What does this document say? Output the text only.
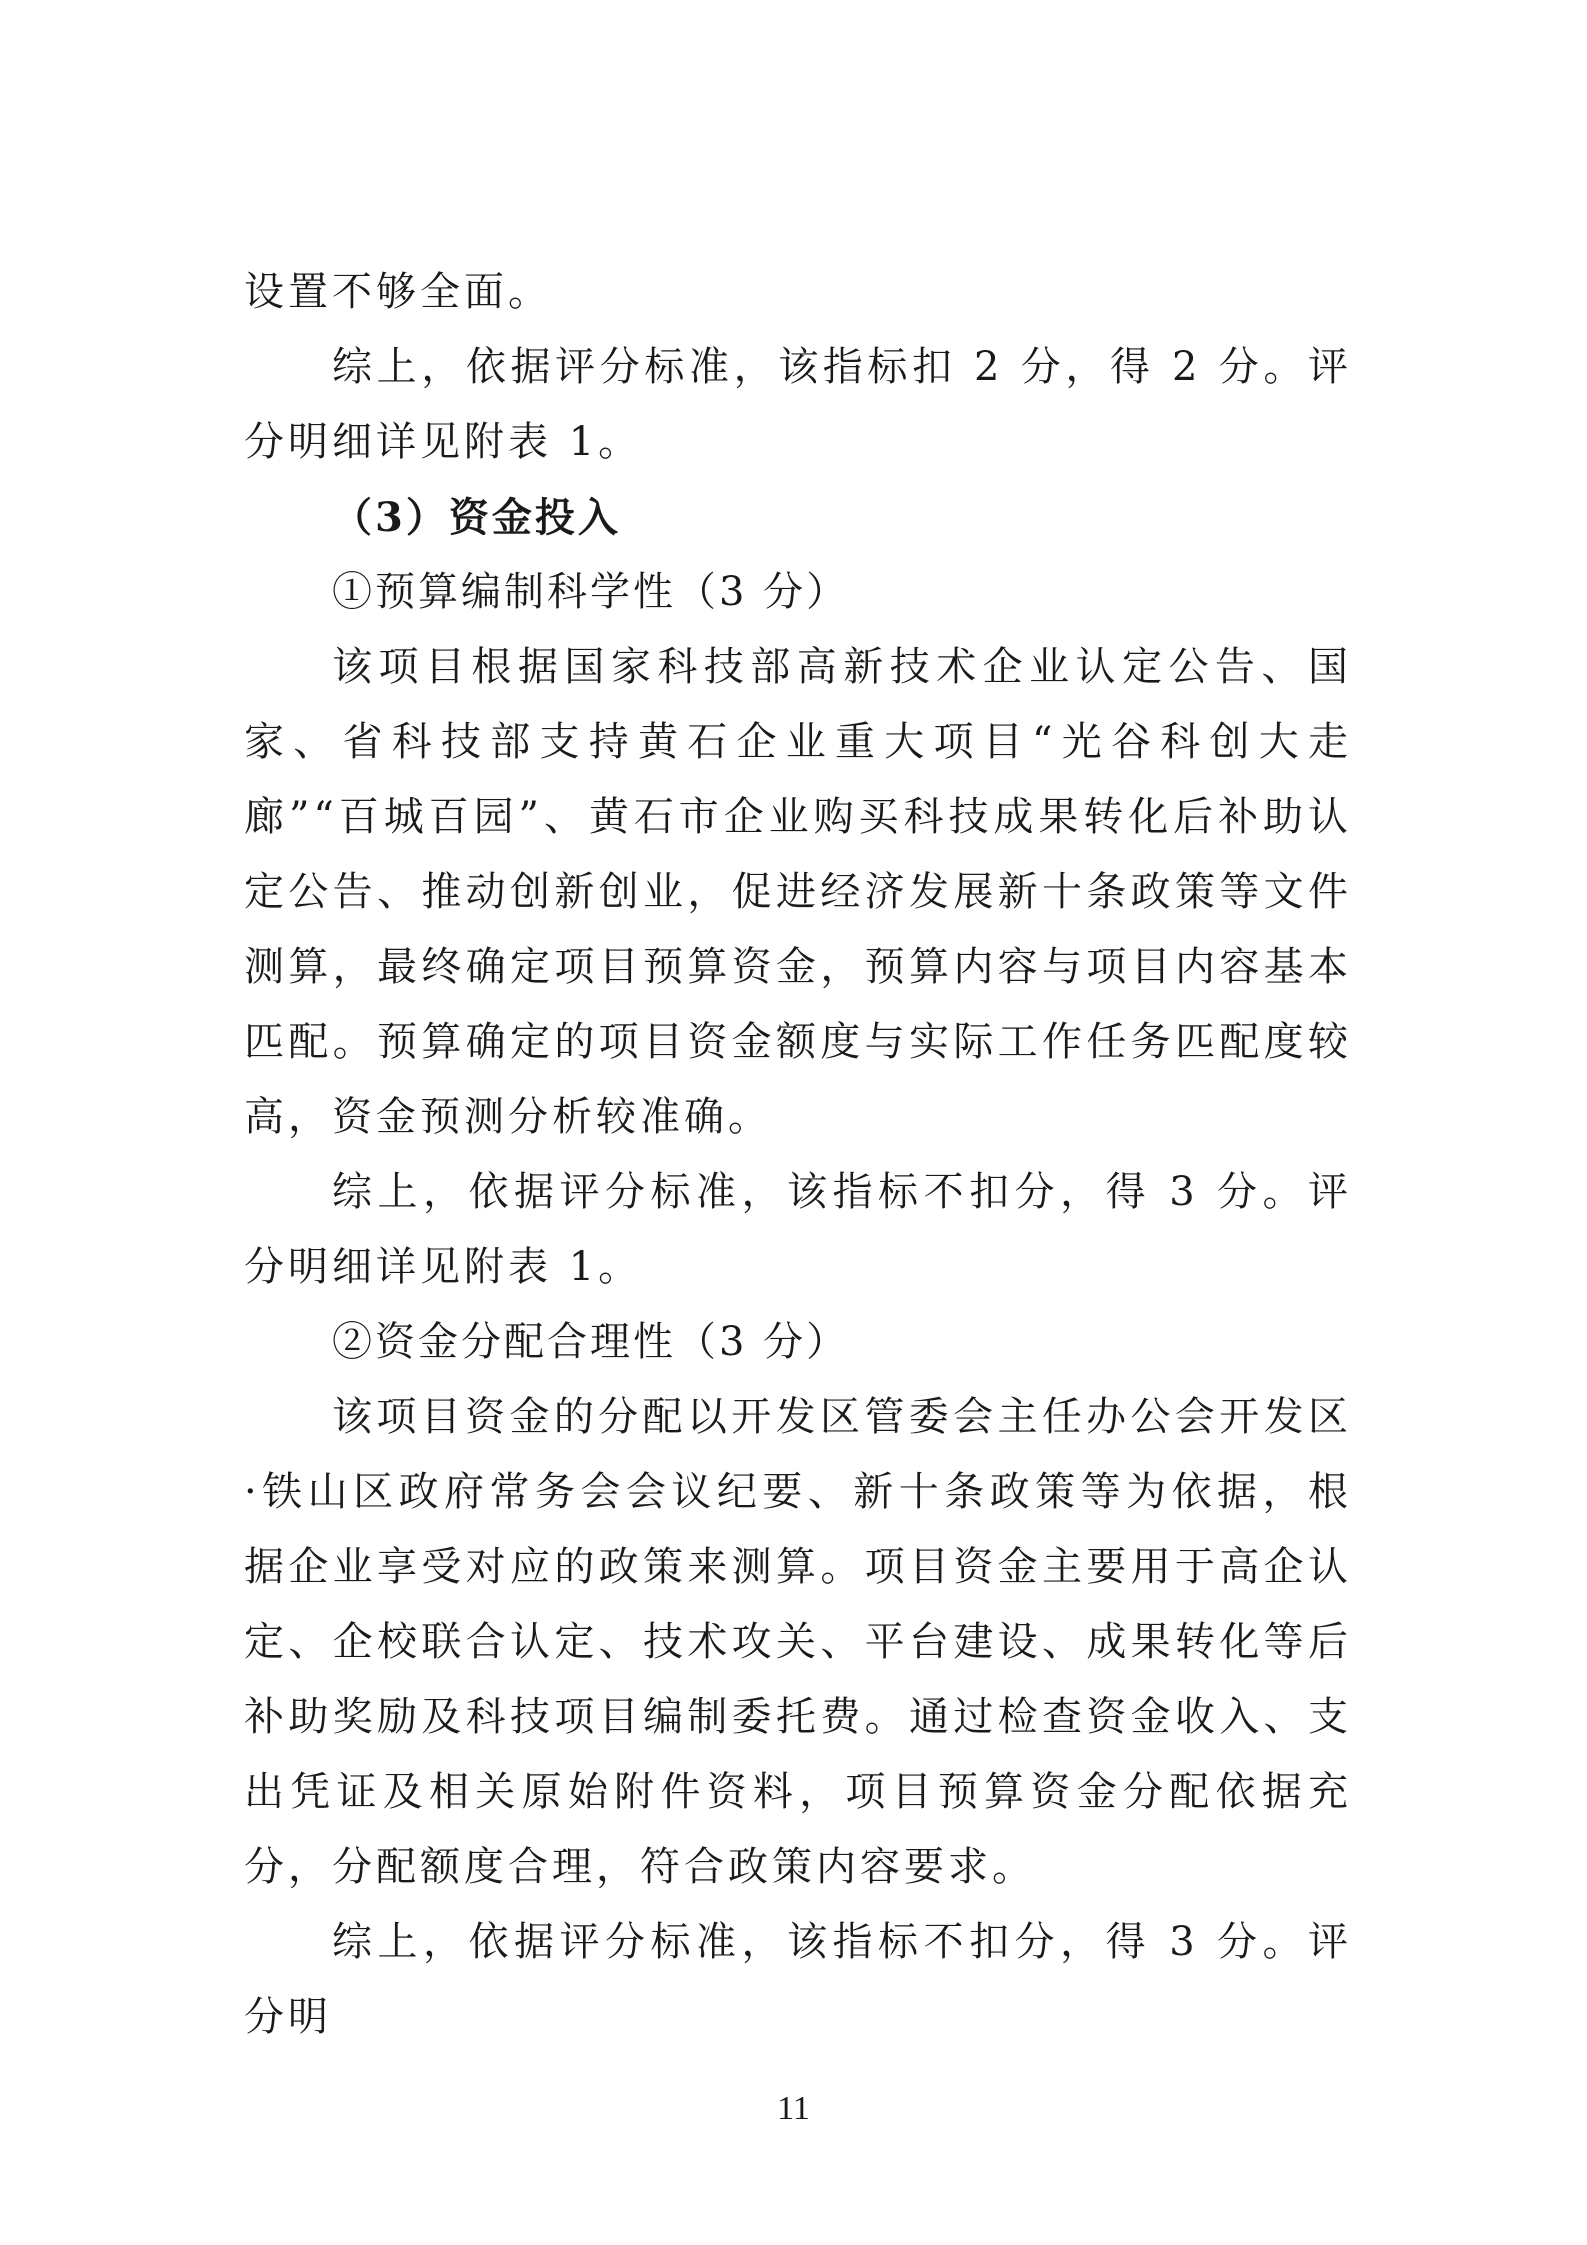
设置不够全面。

综上，依据评分标准，该指标扣 2 分，得 2 分。评分明细详见附表 1。

（3）资金投入

①预算编制科学性（3 分）

该项目根据国家科技部高新技术企业认定公告、国家、省科技部支持黄石企业重大项目“光谷科创大走廊”“百城百园”、黄石市企业购买科技成果转化后补助认定公告、推动创新创业，促进经济发展新十条政策等文件测算，最终确定项目预算资金，预算内容与项目内容基本匹配。预算确定的项目资金额度与实际工作任务匹配度较高，资金预测分析较准确。

综上，依据评分标准，该指标不扣分，得 3 分。评分明细详见附表 1。

②资金分配合理性（3 分）

该项目资金的分配以开发区管委会主任办公会开发区·铁山区政府常务会会议纪要、新十条政策等为依据，根据企业享受对应的政策来测算。项目资金主要用于高企认定、企校联合认定、技术攻关、平台建设、成果转化等后补助奖励及科技项目编制委托费。通过检查资金收入、支出凭证及相关原始附件资料，项目预算资金分配依据充分，分配额度合理，符合政策内容要求。

综上，依据评分标准，该指标不扣分，得 3 分。评分明

11
